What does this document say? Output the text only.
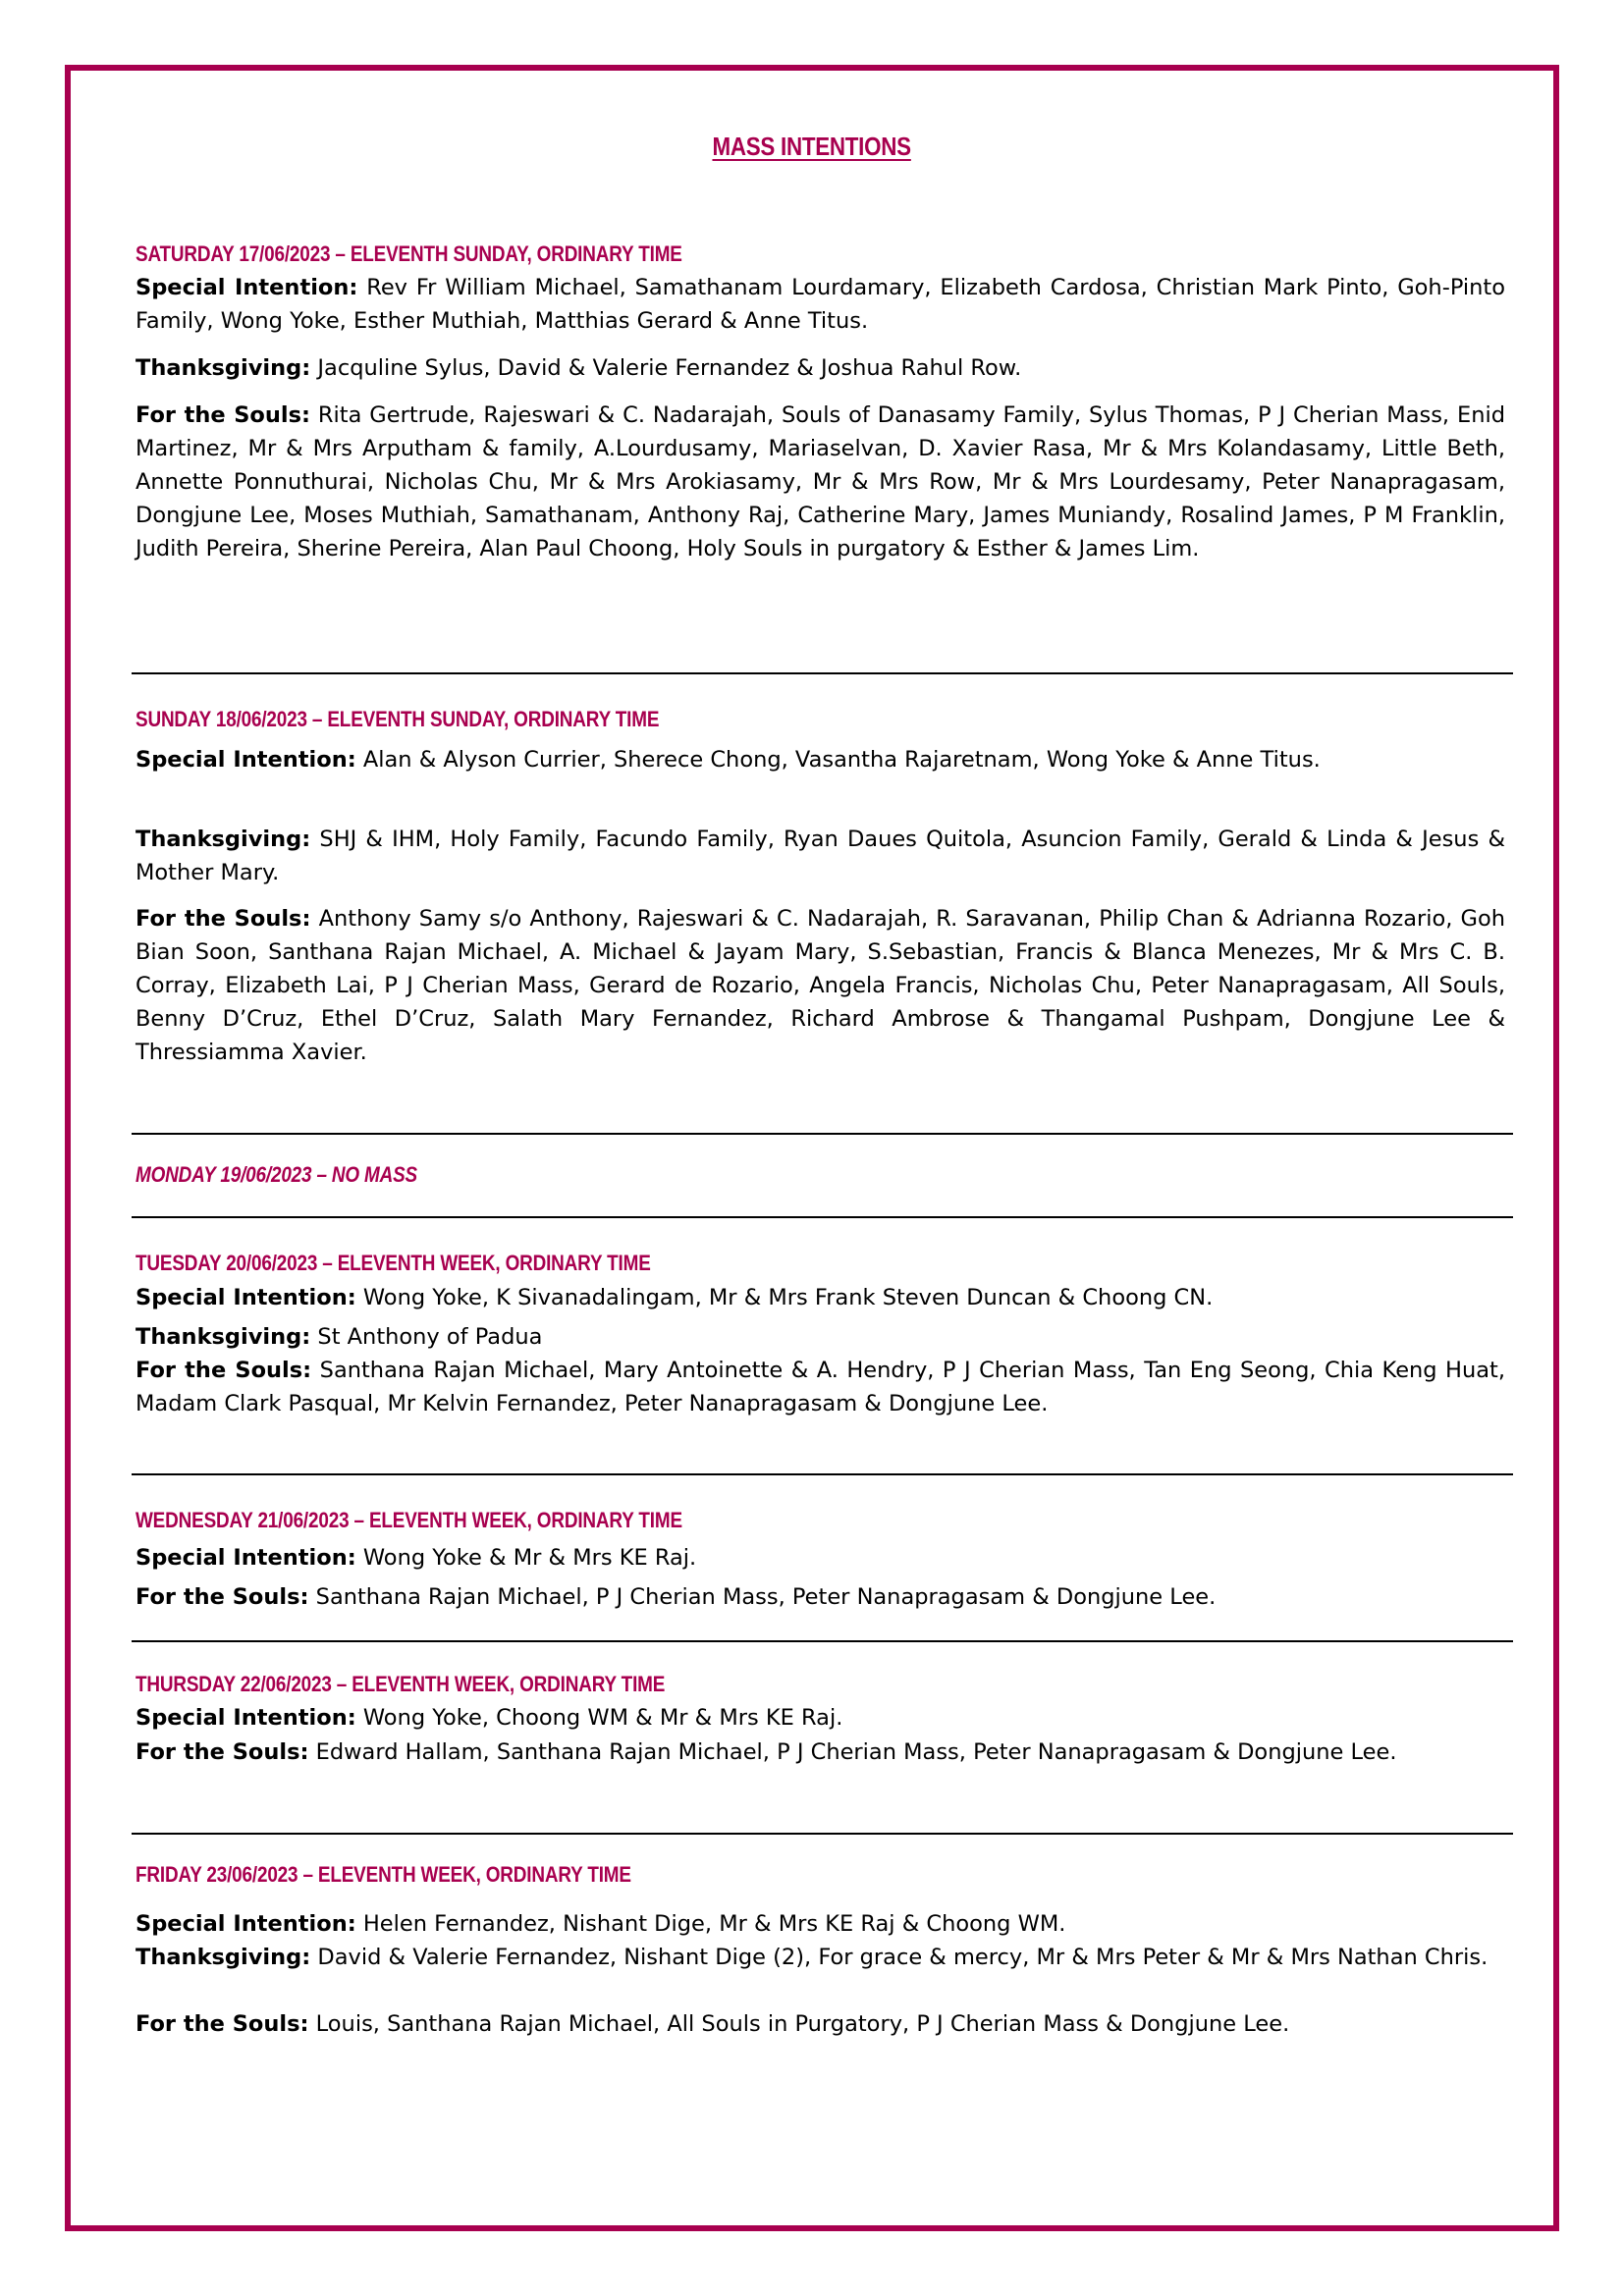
MASS INTENTIONS
SATURDAY 17/06/2023 – ELEVENTH SUNDAY, ORDINARY TIME

Special Intention: Rev Fr William Michael, Samathanam Lourdamary, Elizabeth Cardosa, Christian Mark Pinto, Goh-Pinto Family, Wong Yoke, Esther Muthiah, Matthias Gerard & Anne Titus.

Thanksgiving: Jacquline Sylus, David & Valerie Fernandez & Joshua Rahul Row.

For the Souls: Rita Gertrude, Rajeswari & C. Nadarajah, Souls of Danasamy Family, Sylus Thomas, P J Cherian Mass, Enid Martinez, Mr & Mrs Arputham & family, A.Lourdusamy, Mariaselvan, D. Xavier Rasa, Mr & Mrs Kolandasamy, Little Beth, Annette Ponnuthurai, Nicholas Chu, Mr & Mrs Arokiasamy, Mr & Mrs Row, Mr & Mrs Lourdesamy, Peter Nanapragasam, Dongjune Lee, Moses Muthiah, Samathanam, Anthony Raj, Catherine Mary, James Muniandy, Rosalind James, P M Franklin, Judith Pereira, Sherine Pereira, Alan Paul Choong, Holy Souls in purgatory & Esther & James Lim.

SUNDAY 18/06/2023 – ELEVENTH SUNDAY, ORDINARY TIME

Special Intention: Alan & Alyson Currier, Sherece Chong, Vasantha Rajaretnam, Wong Yoke & Anne Titus.

Thanksgiving: SHJ & IHM, Holy Family, Facundo Family, Ryan Daues Quitola, Asuncion Family, Gerald & Linda & Jesus & Mother Mary.

For the Souls: Anthony Samy s/o Anthony, Rajeswari & C. Nadarajah, R. Saravanan, Philip Chan & Adrianna Rozario, Goh Bian Soon, Santhana Rajan Michael, A. Michael & Jayam Mary, S.Sebastian, Francis & Blanca Menezes, Mr & Mrs C. B. Corray, Elizabeth Lai, P J Cherian Mass, Gerard de Rozario, Angela Francis, Nicholas Chu, Peter Nanapragasam, All Souls, Benny D’Cruz, Ethel D’Cruz, Salath Mary Fernandez, Richard Ambrose & Thangamal Pushpam, Dongjune Lee & Thressiamma Xavier.

MONDAY 19/06/2023 – NO MASS
TUESDAY 20/06/2023 – ELEVENTH WEEK, ORDINARY TIME

Special Intention: Wong Yoke, K Sivanadalingam, Mr & Mrs Frank Steven Duncan & Choong CN.

Thanksgiving: St Anthony of Padua

For the Souls: Santhana Rajan Michael, Mary Antoinette & A. Hendry, P J Cherian Mass, Tan Eng Seong, Chia Keng Huat, Madam Clark Pasqual, Mr Kelvin Fernandez, Peter Nanapragasam & Dongjune Lee.

WEDNESDAY 21/06/2023 – ELEVENTH WEEK, ORDINARY TIME

Special Intention: Wong Yoke & Mr & Mrs KE Raj.

For the Souls: Santhana Rajan Michael, P J Cherian Mass, Peter Nanapragasam & Dongjune Lee.

THURSDAY 22/06/2023 – ELEVENTH WEEK, ORDINARY TIME

Special Intention: Wong Yoke, Choong WM & Mr & Mrs KE Raj.

For the Souls: Edward Hallam, Santhana Rajan Michael, P J Cherian Mass, Peter Nanapragasam & Dongjune Lee.

FRIDAY 23/06/2023 – ELEVENTH WEEK, ORDINARY TIME

Special Intention: Helen Fernandez, Nishant Dige, Mr & Mrs KE Raj & Choong WM.

Thanksgiving: David & Valerie Fernandez, Nishant Dige (2), For grace & mercy, Mr & Mrs Peter & Mr & Mrs Nathan Chris.

For the Souls: Louis, Santhana Rajan Michael, All Souls in Purgatory, P J Cherian Mass & Dongjune Lee.
